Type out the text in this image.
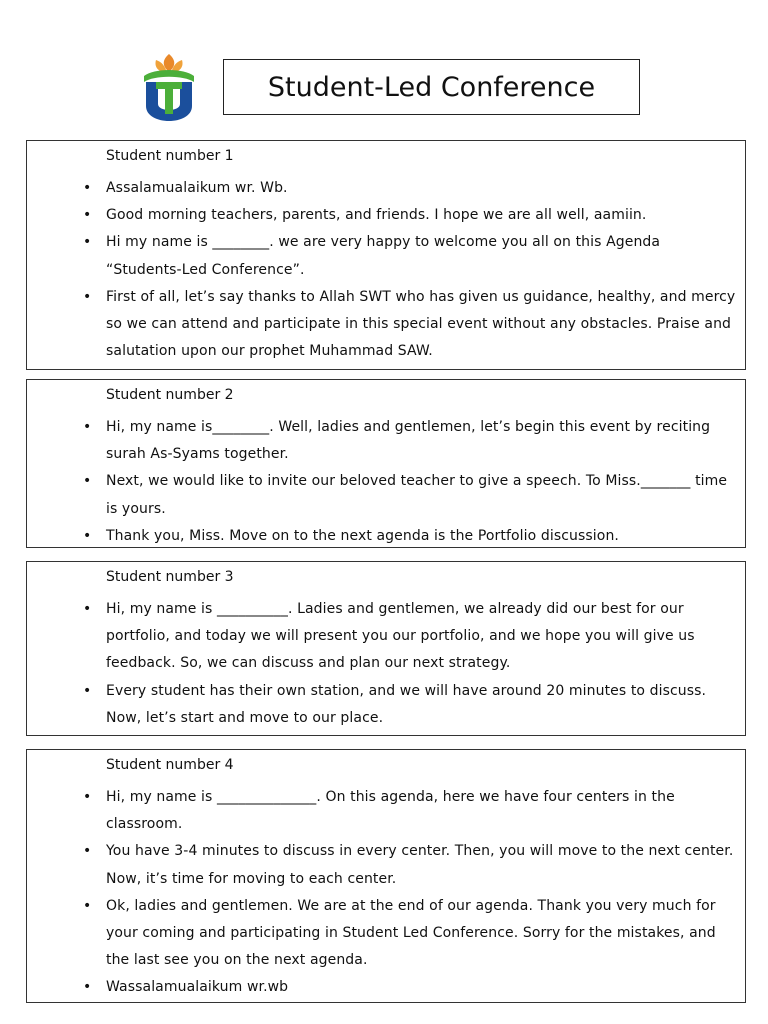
Student-Led Conference
Student number 1
• Assalamualaikum wr. Wb.
• Good morning teachers, parents, and friends. I hope we are all well, aamiin.
• Hi my name is ________. we are very happy to welcome you all on this Agenda “Students-Led Conference”.
• First of all, let’s say thanks to Allah SWT who has given us guidance, healthy, and mercy so we can attend and participate in this special event without any obstacles. Praise and salutation upon our prophet Muhammad SAW.
Student number 2
• Hi, my name is________. Well, ladies and gentlemen, let’s begin this event by reciting surah As-Syams together.
• Next, we would like to invite our beloved teacher to give a speech. To Miss._______ time is yours.
• Thank you, Miss. Move on to the next agenda is the Portfolio discussion.
Student number 3
• Hi, my name is __________. Ladies and gentlemen, we already did our best for our portfolio, and today we will present you our portfolio, and we hope you will give us feedback. So, we can discuss and plan our next strategy.
• Every student has their own station, and we will have around 20 minutes to discuss. Now, let’s start and move to our place.
Student number 4
• Hi, my name is ______________. On this agenda, here we have four centers in the classroom.
• You have 3-4 minutes to discuss in every center. Then, you will move to the next center. Now, it’s time for moving to each center.
• Ok, ladies and gentlemen. We are at the end of our agenda. Thank you very much for your coming and participating in Student Led Conference. Sorry for the mistakes, and the last see you on the next agenda.
• Wassalamualaikum wr.wb
